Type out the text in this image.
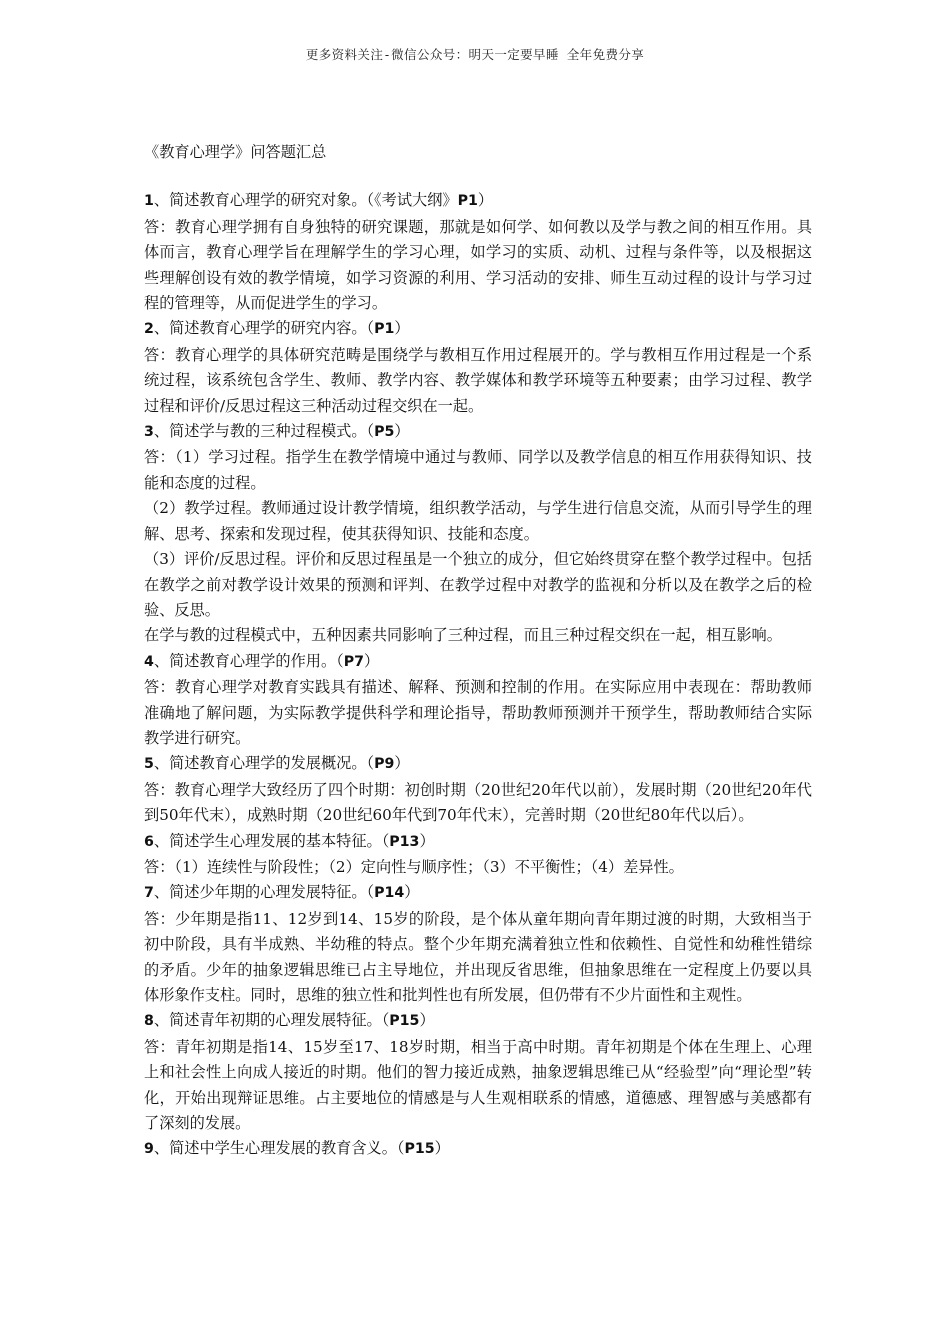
更多资料关注-微信公众号：明天一定要早睡 全年免费分享
《教育心理学》问答题汇总
1、简述教育心理学的研究对象。（《考试大纲》P1）
答：教育心理学拥有自身独特的研究课题，那就是如何学、如何教以及学与教之间的相互作用。具体而言，教育心理学旨在理解学生的学习心理，如学习的实质、动机、过程与条件等，以及根据这些理解创设有效的教学情境，如学习资源的利用、学习活动的安排、师生互动过程的设计与学习过程的管理等，从而促进学生的学习。
2、简述教育心理学的研究内容。（P1）
答：教育心理学的具体研究范畴是围绕学与教相互作用过程展开的。学与教相互作用过程是一个系统过程，该系统包含学生、教师、教学内容、教学媒体和教学环境等五种要素；由学习过程、教学过程和评价/反思过程这三种活动过程交织在一起。
3、简述学与教的三种过程模式。（P5）
答：（1）学习过程。指学生在教学情境中通过与教师、同学以及教学信息的相互作用获得知识、技能和态度的过程。
（2）教学过程。教师通过设计教学情境，组织教学活动，与学生进行信息交流，从而引导学生的理解、思考、探索和发现过程，使其获得知识、技能和态度。
（3）评价/反思过程。评价和反思过程虽是一个独立的成分，但它始终贯穿在整个教学过程中。包括在教学之前对教学设计效果的预测和评判、在教学过程中对教学的监视和分析以及在教学之后的检验、反思。
在学与教的过程模式中，五种因素共同影响了三种过程，而且三种过程交织在一起，相互影响。
4、简述教育心理学的作用。（P7）
答：教育心理学对教育实践具有描述、解释、预测和控制的作用。在实际应用中表现在：帮助教师准确地了解问题，为实际教学提供科学和理论指导，帮助教师预测并干预学生，帮助教师结合实际教学进行研究。
5、简述教育心理学的发展概况。（P9）
答：教育心理学大致经历了四个时期：初创时期（20世纪20年代以前），发展时期（20世纪20年代到50年代末），成熟时期（20世纪60年代到70年代末），完善时期（20世纪80年代以后）。
6、简述学生心理发展的基本特征。（P13）
答：（1）连续性与阶段性；（2）定向性与顺序性；（3）不平衡性；（4）差异性。
7、简述少年期的心理发展特征。（P14）
答：少年期是指11、12岁到14、15岁的阶段，是个体从童年期向青年期过渡的时期，大致相当于初中阶段，具有半成熟、半幼稚的特点。整个少年期充满着独立性和依赖性、自觉性和幼稚性错综的矛盾。少年的抽象逻辑思维已占主导地位，并出现反省思维，但抽象思维在一定程度上仍要以具体形象作支柱。同时，思维的独立性和批判性也有所发展，但仍带有不少片面性和主观性。
8、简述青年初期的心理发展特征。（P15）
答：青年初期是指14、15岁至17、18岁时期，相当于高中时期。青年初期是个体在生理上、心理上和社会性上向成人接近的时期。他们的智力接近成熟，抽象逻辑思维已从“经验型”向“理论型”转化，开始出现辩证思维。占主要地位的情感是与人生观相联系的情感，道德感、理智感与美感都有了深刻的发展。
9、简述中学生心理发展的教育含义。（P15）
